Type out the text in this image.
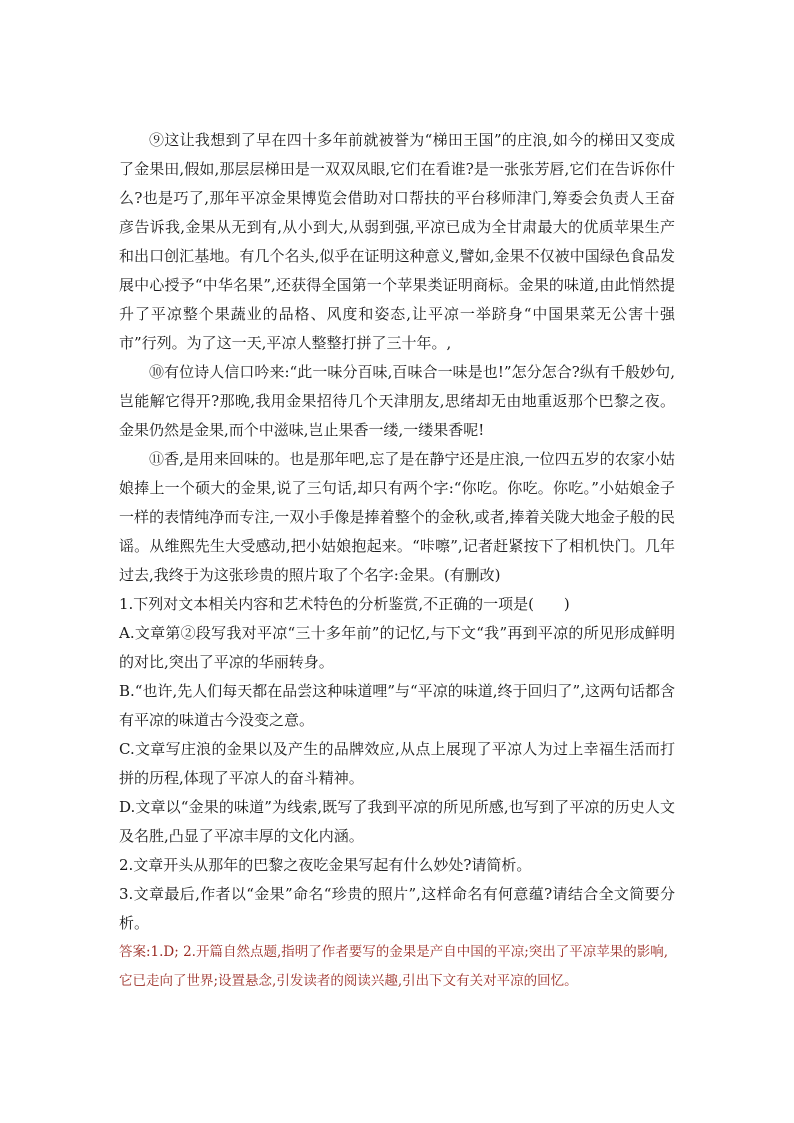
⑨这让我想到了早在四十多年前就被誉为“梯田王国”的庄浪,如今的梯田又变成了金果田,假如,那层层梯田是一双双凤眼,它们在看谁?是一张张芳唇,它们在告诉你什么?也是巧了,那年平凉金果博览会借助对口帮扶的平台移师津门,筹委会负责人王奋彦告诉我,金果从无到有,从小到大,从弱到强,平凉已成为全甘肃最大的优质苹果生产和出口创汇基地。有几个名头,似乎在证明这种意义,譬如,金果不仅被中国绿色食品发展中心授予“中华名果”,还获得全国第一个苹果类证明商标。金果的味道,由此悄然提升了平凉整个果蔬业的品格、风度和姿态,让平凉一举跻身“中国果菜无公害十强市”行列。为了这一天,平凉人整整打拼了三十年。,

⑩有位诗人信口吟来:“此一味分百味,百味合一味是也!”怎分怎合?纵有千般妙句,岂能解它得开?那晚,我用金果招待几个天津朋友,思绪却无由地重返那个巴黎之夜。金果仍然是金果,而个中滋味,岂止果香一缕,一缕果香呢!

⑪香,是用来回味的。也是那年吧,忘了是在静宁还是庄浪,一位四五岁的农家小姑娘捧上一个硕大的金果,说了三句话,却只有两个字:“你吃。你吃。你吃。”小姑娘金子一样的表情纯净而专注,一双小手像是捧着整个的金秋,或者,捧着关陇大地金子般的民谣。从维熙先生大受感动,把小姑娘抱起来。“咔嚓”,记者赶紧按下了相机快门。几年过去,我终于为这张珍贵的照片取了个名字:金果。(有删改)

1.下列对文本相关内容和艺术特色的分析鉴赏,不正确的一项是(　　)

A.文章第②段写我对平凉“三十多年前”的记忆,与下文“我”再到平凉的所见形成鲜明的对比,突出了平凉的华丽转身。

B.“也许,先人们每天都在品尝这种味道哩”与“平凉的味道,终于回归了”,这两句话都含有平凉的味道古今没变之意。

C.文章写庄浪的金果以及产生的品牌效应,从点上展现了平凉人为过上幸福生活而打拼的历程,体现了平凉人的奋斗精神。

D.文章以“金果的味道”为线索,既写了我到平凉的所见所感,也写到了平凉的历史人文及名胜,凸显了平凉丰厚的文化内涵。

2.文章开头从那年的巴黎之夜吃金果写起有什么妙处?请简析。

3.文章最后,作者以“金果”命名“珍贵的照片”,这样命名有何意蕴?请结合全文简要分析。

答案:1.D; 2.开篇自然点题,指明了作者要写的金果是产自中国的平凉;突出了平凉苹果的影响,它已走向了世界;设置悬念,引发读者的阅读兴趣,引出下文有关对平凉的回忆。
